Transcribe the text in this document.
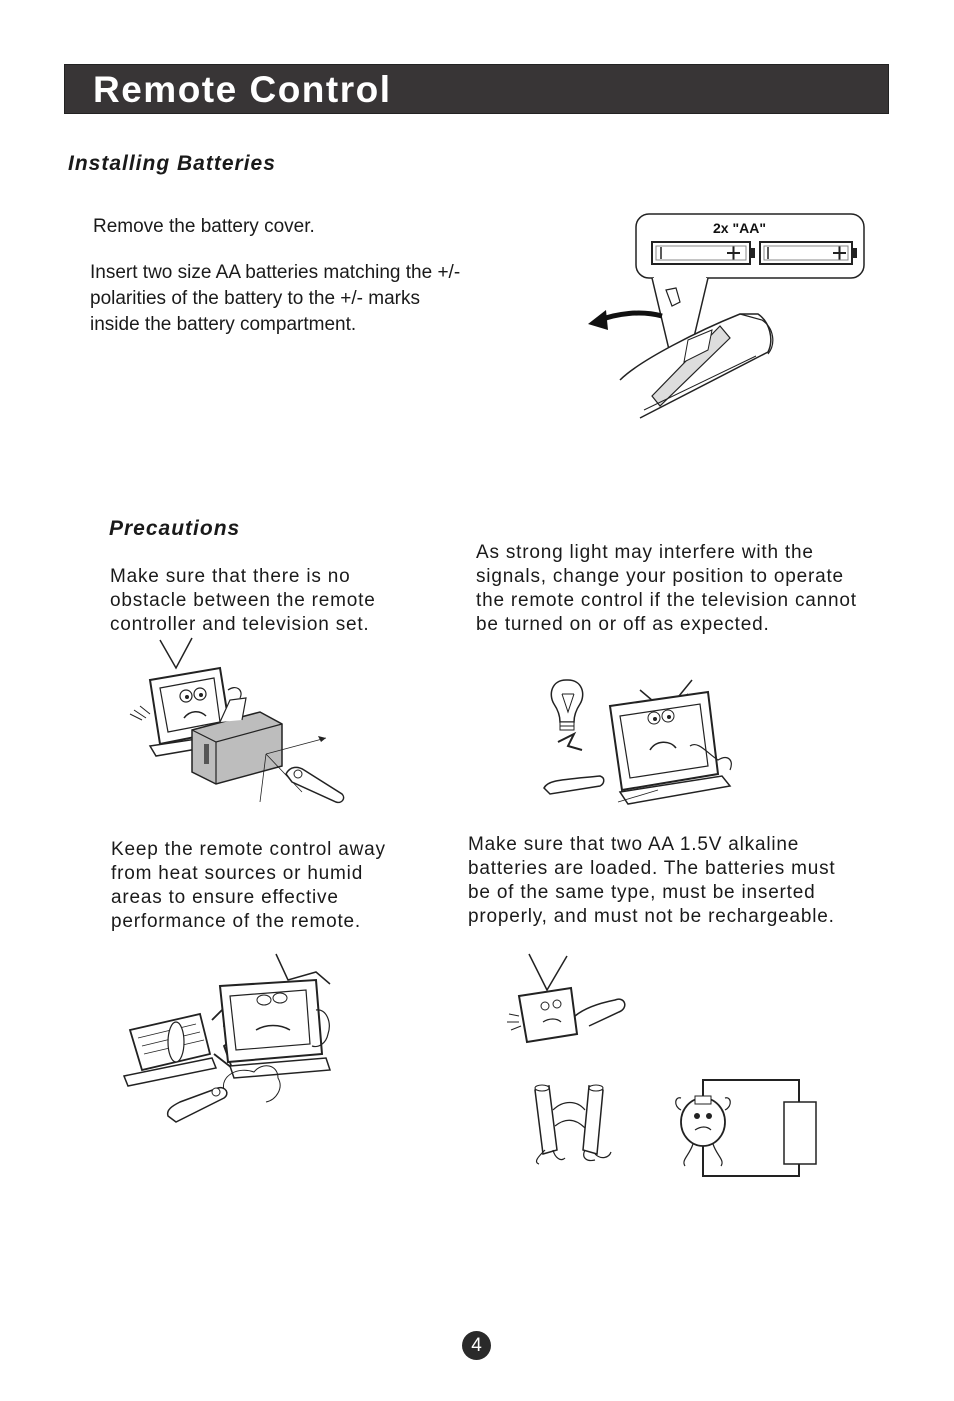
Remote Control
Installing Batteries

Remove the battery cover.

Insert two size AA batteries matching the +/-polarities of the battery to the +/- marks inside the battery compartment.

2x "AA"
Precautions

Make sure that there is no obstacle between the remote controller and television set.

As strong light may interfere with the signals, change your position to operate the remote control if the television cannot be turned on or off as expected.

Keep the remote control away from heat sources or humid areas to ensure effective performance of the remote.

Make sure that two AA 1.5V alkaline batteries are loaded. The batteries must be of the same type, must be inserted properly, and must not be rechargeable.

4
